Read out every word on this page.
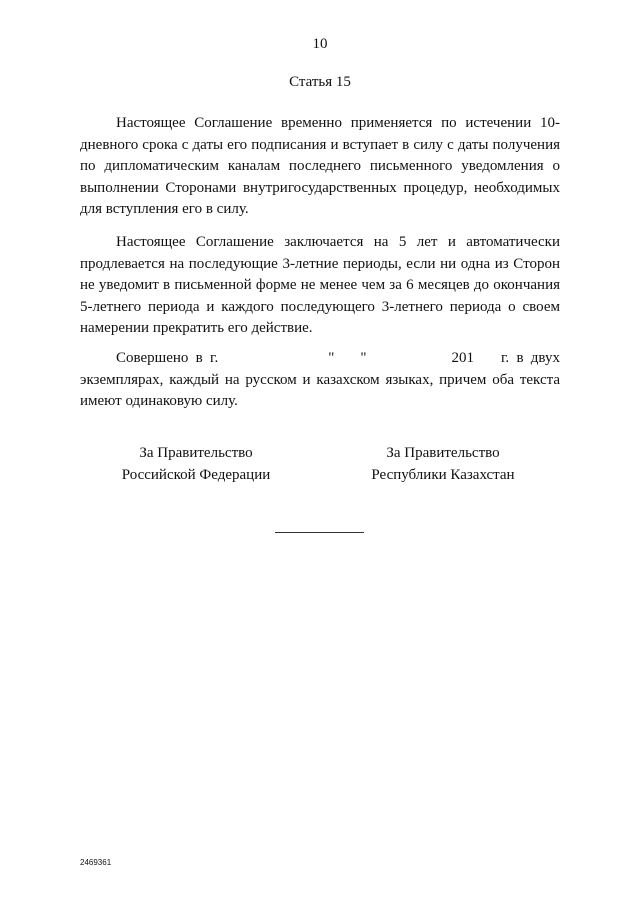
10
Статья 15

Настоящее Соглашение временно применяется по истечении 10-дневного срока с даты его подписания и вступает в силу с даты получения по дипломатическим каналам последнего письменного уведомления о выполнении Сторонами внутригосударственных процедур, необходимых для вступления его в силу.

Настоящее Соглашение заключается на 5 лет и автоматически продлевается на последующие 3-летние периоды, если ни одна из Сторон не уведомит в письменной форме не менее чем за 6 месяцев до окончания 5-летнего периода и каждого последующего 3-летнего периода о своем намерении прекратить его действие.

Совершено в г.	" "	201 г. в двух экземплярах, каждый на русском и казахском языках, причем оба текста имеют одинаковую силу.

За Правительство
Российской Федерации
За Правительство
Республики Казахстан
2469361
